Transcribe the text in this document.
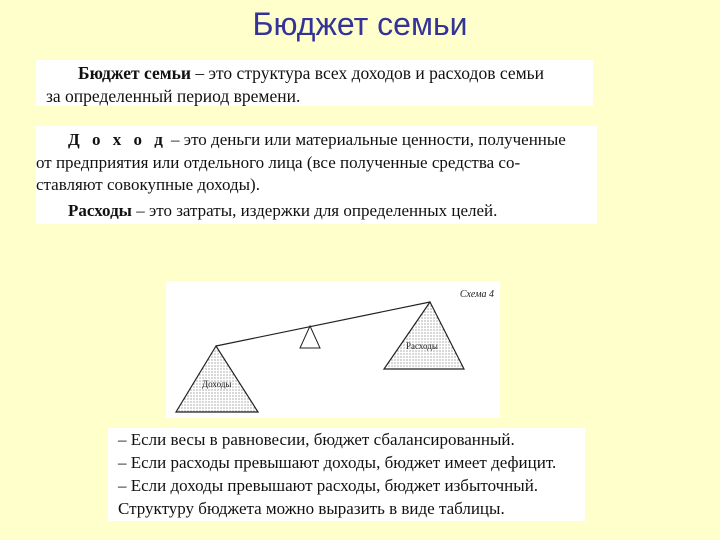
Бюджет семьи
Бюджет семьи – это структура всех доходов и расходов семьи
за определенный период времени.
Д о х о д – это деньги или материальные ценности, полученные
от предприятия или отдельного лица (все полученные средства со-
ставляют совокупные доходы).
Расходы – это затраты, издержки для определенных целей.
Схема 4
Доходы
Расходы
– Если весы в равновесии, бюджет сбалансированный.
– Если расходы превышают доходы, бюджет имеет дефицит.
– Если доходы превышают расходы, бюджет избыточный.
Структуру бюджета можно выразить в виде таблицы.
